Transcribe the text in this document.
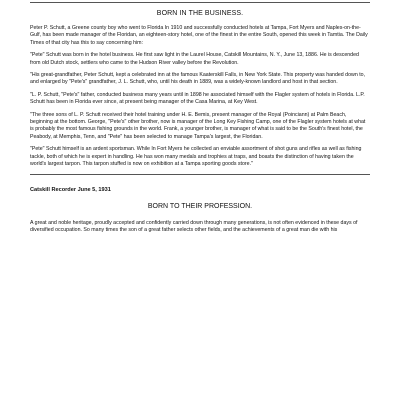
BORN IN THE BUSINESS.

Peter P. Schutt, a Greene county boy who went to Florida In 1910 and successfully conducted hotels at Tampa, Fort Myers and Naples-on-the-Gulf, has been made manager of the Floridan, an eighteen-story hotel, one of the finest in the entire South, opened this week in Tamtia. The Daily Times of that city has this to say concerning him:

"Pete" Schutt was born in the hotel business. He first saw light in the Laurel House, Catskill Mountains, N. Y., June 13, 1886. He is descended from old Dutch stock, settlers who came to the Hudson River valley before the Revolution.

"His great-grandfather, Peter Schutt, kept a celebrated inn at the famous Kaaterskill Falls, in New York State. This property was handed down to, and enlarged by "Pete's" grandfather, J. L. Schutt, who, until his death in 1889, was a widely-known landlord and host in that section.

"L. P. Schutt, "Pete's" father, conducted business many years until in 1898 he associated himself with the Flagler system of hotels in Florida. L.P. Schutt has been in Florida ever since, at present being manager of the Casa Marina, at Key West.

"The three sons of L. P. Schutt received their hotel training under H. E. Bemis, present manager of the Royal (Poinciann) at Palm Beach, beginning at the bottom. George, "Pete's" other brother, now is manager of the Long Key Fishing Camp, one of the Flagler system hotels at what is probably the most famous fishing grounds in the world. Frank, a younger brother, is manager of what is said to be the South's finest hotel, the Peabody, at Memphis, Tenn, and "Pete" has been selected to manage Tampa's largest, the Floridan.

"Pete" Schutt himself is an ardent sportsman. While In Fort Myers he collected an enviable assortment of shot guns and rifles as well as fishing tackle, both of which he is expert in handling. He has won many medals and trophies at traps, and boasts the distinction of having taken the world's largest tarpon. This tarpon stuffed is now on exhibition at a Tampa sporting goods store."

Catskill Recorder June 5, 1931
BORN TO THEIR PROFESSION.

A great and noble heritage, proudly accepted and confidently carried down through many generations, is not often evidenced in these days of diversified occupation. So many times the son of a great father selects other fields, and the achievements of a great man die with his
